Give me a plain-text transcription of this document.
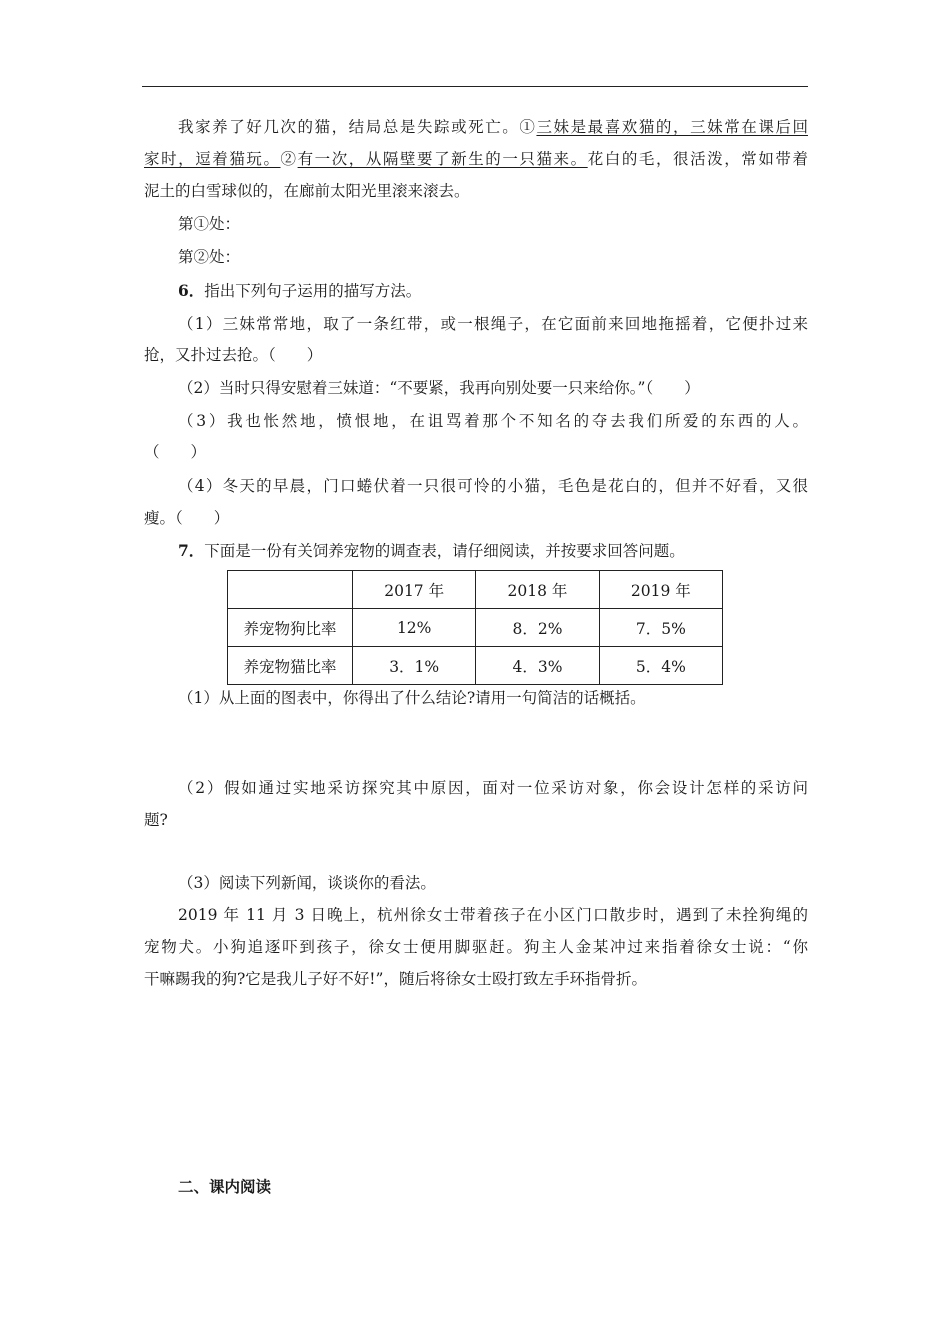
我家养了好几次的猫，结局总是失踪或死亡。①三妹是最喜欢猫的，三妹常在课后回
家时，逗着猫玩。②有一次，从隔壁要了新生的一只猫来。花白的毛，很活泼，常如带着
泥土的白雪球似的，在廊前太阳光里滚来滚去。
第①处：
第②处：
6．指出下列句子运用的描写方法。
（1）三妹常常地，取了一条红带，或一根绳子，在它面前来回地拖摇着，它便扑过来
抢，又扑过去抢。（　　）
（2）当时只得安慰着三妹道：“不要紧，我再向别处要一只来给你。”（　　）
（3）我也怅然地，愤恨地，在诅骂着那个不知名的夺去我们所爱的东西的人。
（　　）
（4）冬天的早晨，门口蜷伏着一只很可怜的小猫，毛色是花白的，但并不好看，又很
瘦。（　　）
7．下面是一份有关饲养宠物的调查表，请仔细阅读，并按要求回答问题。
	2017 年	2018 年	2019 年
养宠物狗比率	12%	8．2%	7．5%
养宠物猫比率	3．1%	4．3%	5．4%
（1）从上面的图表中，你得出了什么结论?请用一句简洁的话概括。
（2）假如通过实地采访探究其中原因，面对一位采访对象，你会设计怎样的采访问
题?
（3）阅读下列新闻，谈谈你的看法。
2019 年 11 月 3 日晚上，杭州徐女士带着孩子在小区门口散步时，遇到了未拴狗绳的
宠物犬。小狗追逐吓到孩子，徐女士便用脚驱赶。狗主人金某冲过来指着徐女士说：“你
干嘛踢我的狗?它是我儿子好不好!”，随后将徐女士殴打致左手环指骨折。
二、课内阅读
